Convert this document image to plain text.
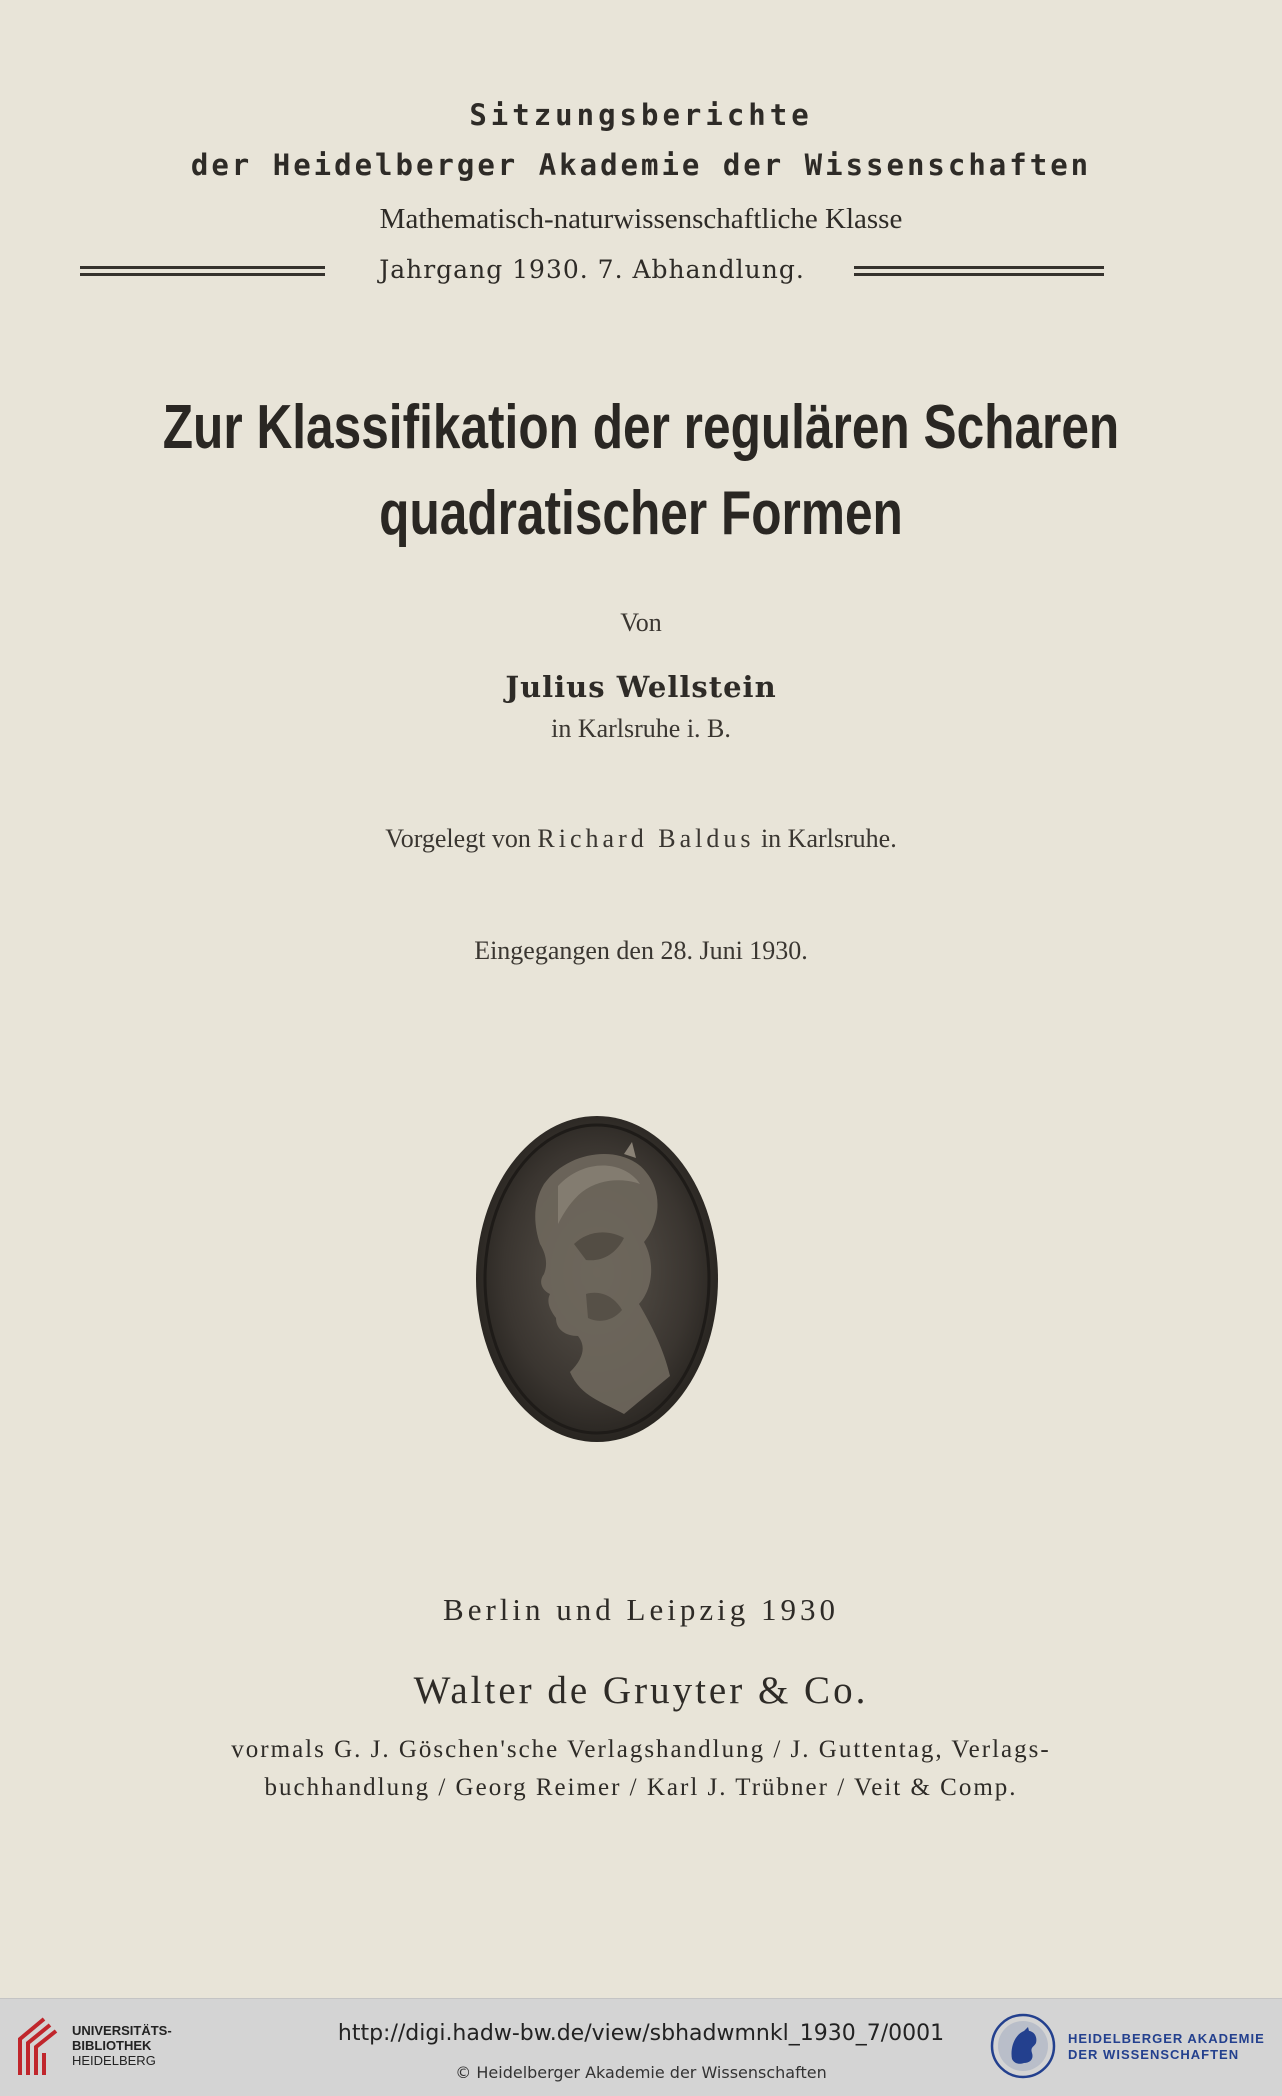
Sitzungsberichte
der Heidelberger Akademie der Wissenschaften
Mathematisch-naturwissenschaftliche Klasse
Jahrgang 1930. 7. Abhandlung.
Zur Klassifikation der regulären Scharen
quadratischer Formen
Von
Julius Wellstein
in Karlsruhe i. B.
Vorgelegt von Richard Baldus in Karlsruhe.
Eingegangen den 28. Juni 1930.
Berlin und Leipzig 1930
Walter de Gruyter & Co.
vormals G. J. Göschen'sche Verlagshandlung / J. Guttentag, Verlags-
buchhandlung / Georg Reimer / Karl J. Trübner / Veit & Comp.
UNIVERSITÄTS-
BIBLIOTHEK
HEIDELBERG
http://digi.hadw-bw.de/view/sbhadwmnkl_1930_7/0001
© Heidelberger Akademie der Wissenschaften
HEIDELBERGER AKADEMIE
DER WISSENSCHAFTEN
